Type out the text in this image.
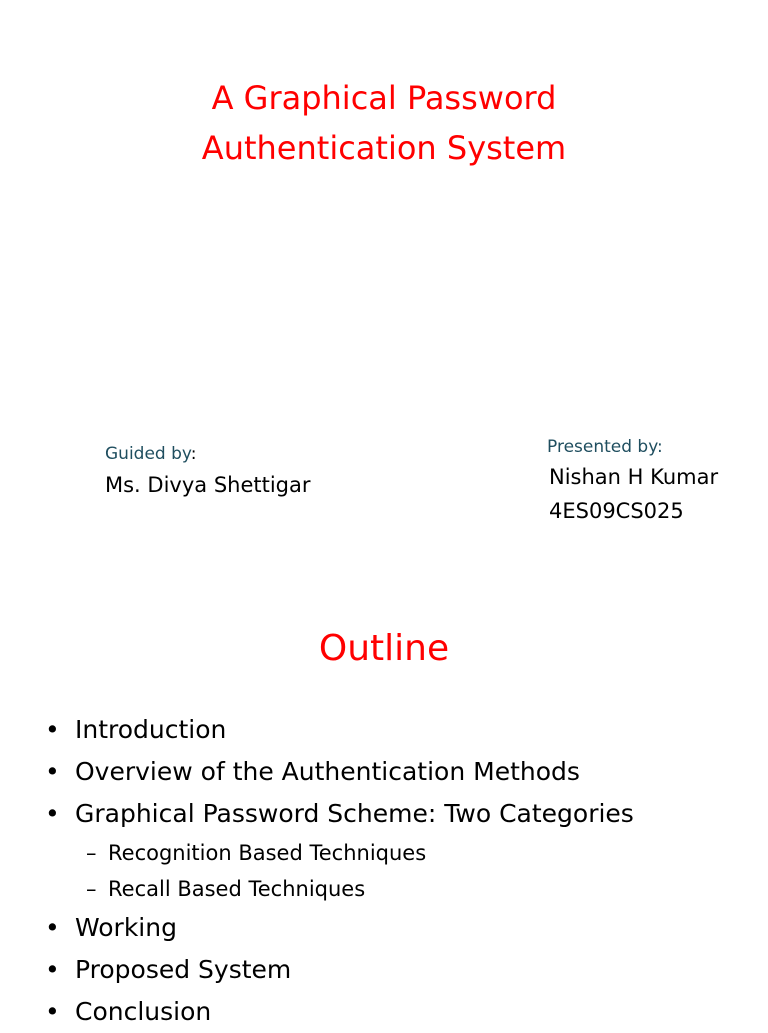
A Graphical Password
Authentication System
Guided by:
Ms. Divya Shettigar
Presented by:
Nishan H Kumar
4ES09CS025
Outline
• Introduction
• Overview of the Authentication Methods
• Graphical Password Scheme: Two Categories
– Recognition Based Techniques
– Recall Based Techniques
• Working
• Proposed System
• Conclusion
